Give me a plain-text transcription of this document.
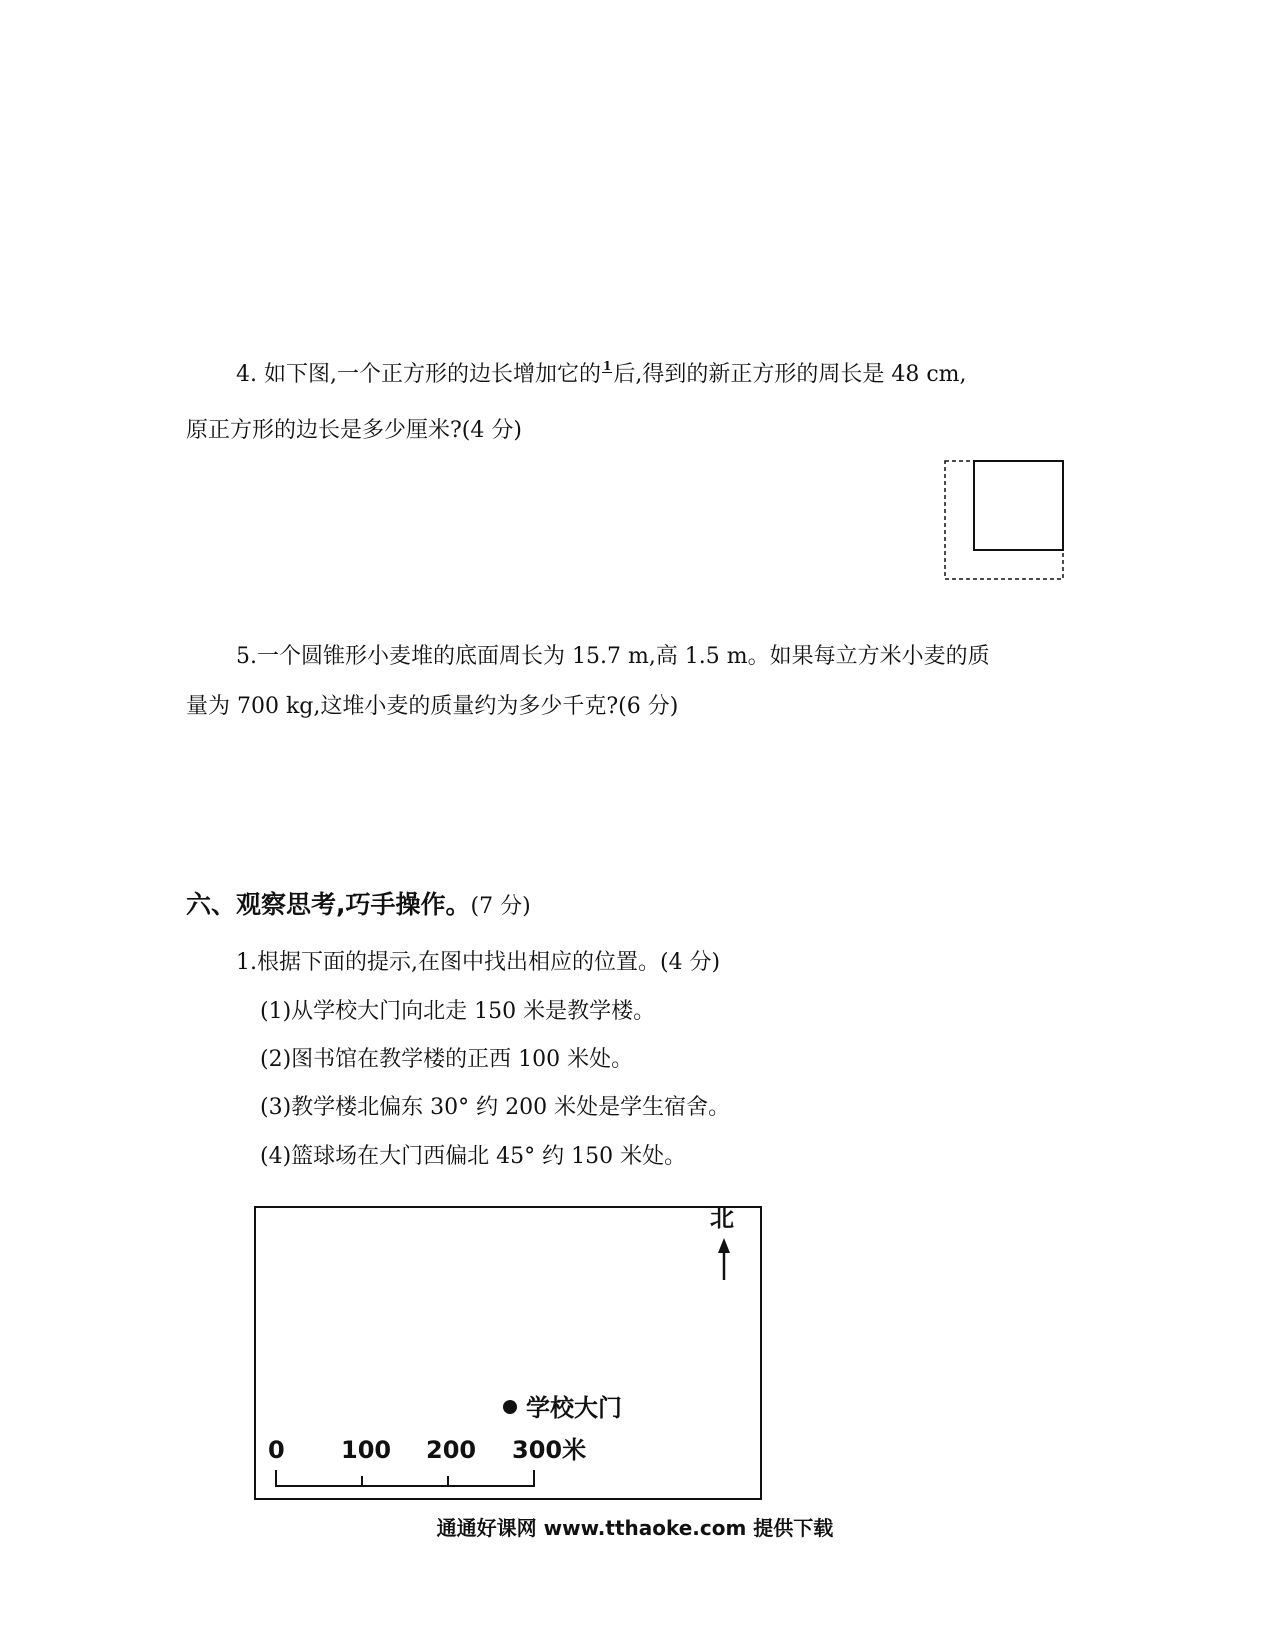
4. 如下图,一个正方形的边长增加它的 1 后,得到的新正方形的周长是 48 cm,
原正方形的边长是多少厘米?(4 分)
5.一个圆锥形小麦堆的底面周长为 15.7 m,高 1.5 m。如果每立方米小麦的质
量为 700 kg,这堆小麦的质量约为多少千克?(6 分)
六、观察思考,巧手操作。(7 分)
1.根据下面的提示,在图中找出相应的位置。(4 分)
(1)从学校大门向北走 150 米是教学楼。
(2)图书馆在教学楼的正西 100 米处。
(3)教学楼北偏东 30° 约 200 米处是学生宿舍。
(4)篮球场在大门西偏北 45° 约 150 米处。
北
学校大门
0 100 200 300米
通通好课网 www.tthaoke.com 提供下载
